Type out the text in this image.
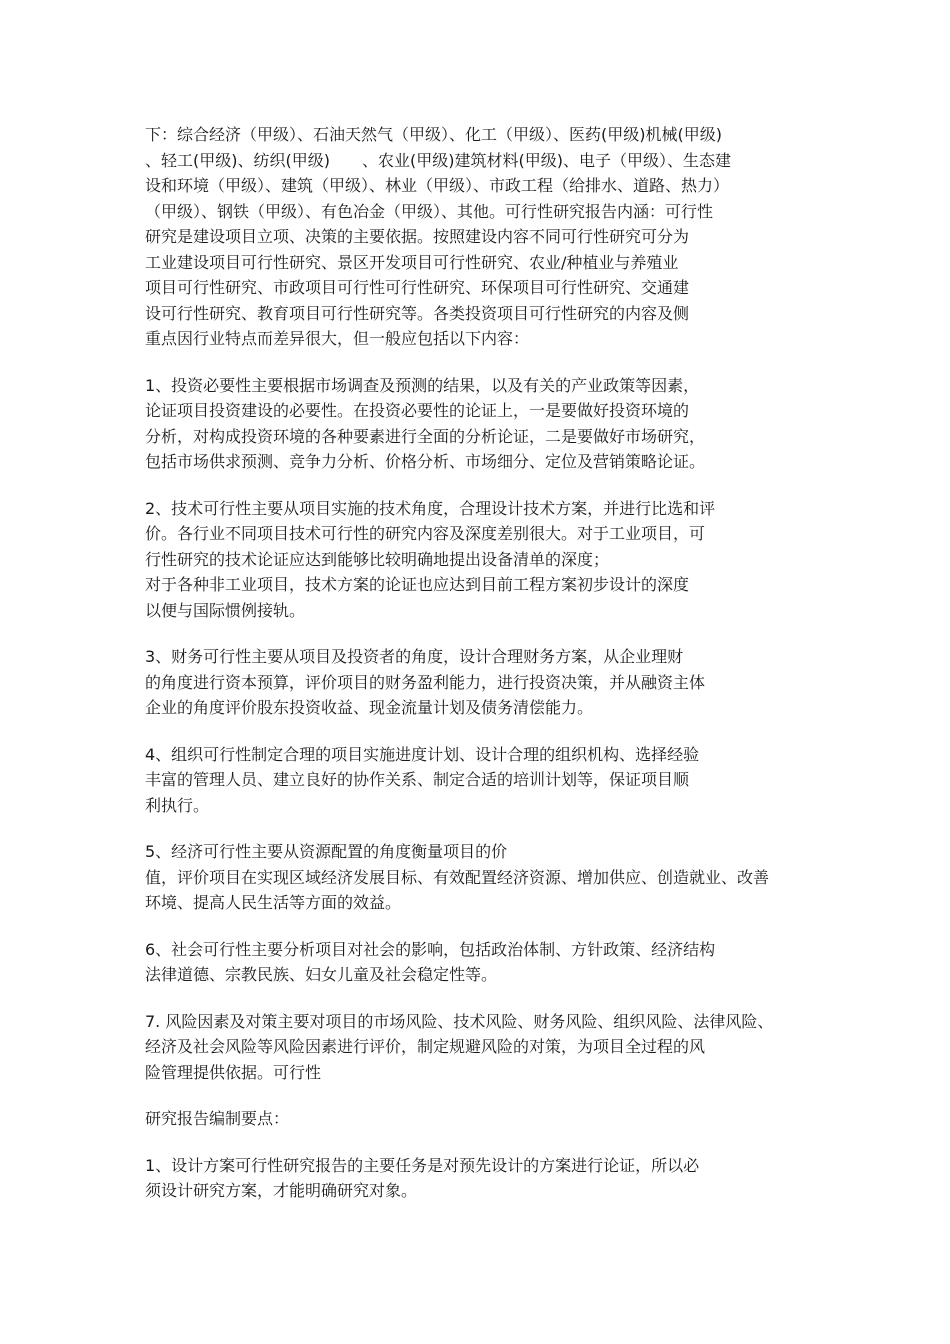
下：综合经济（甲级）、石油天然气（甲级）、化工（甲级）、医药(甲级)机械(甲级)
、轻工(甲级)、纺织(甲级)　　、农业(甲级)建筑材料(甲级)、电子（甲级）、生态建
设和环境（甲级）、建筑（甲级）、林业（甲级）、市政工程（给排水、道路、热力）
（甲级）、钢铁（甲级）、有色冶金（甲级）、其他。可行性研究报告内涵：可行性
研究是建设项目立项、决策的主要依据。按照建设内容不同可行性研究可分为
工业建设项目可行性研究、景区开发项目可行性研究、农业/种植业与养殖业
项目可行性研究、市政项目可行性可行性研究、环保项目可行性研究、交通建
设可行性研究、教育项目可行性研究等。各类投资项目可行性研究的内容及侧
重点因行业特点而差异很大，但一般应包括以下内容：

1、投资必要性主要根据市场调查及预测的结果，以及有关的产业政策等因素，
论证项目投资建设的必要性。在投资必要性的论证上，一是要做好投资环境的
分析，对构成投资环境的各种要素进行全面的分析论证，二是要做好市场研究，
包括市场供求预测、竞争力分析、价格分析、市场细分、定位及营销策略论证。

2、技术可行性主要从项目实施的技术角度，合理设计技术方案，并进行比选和评
价。各行业不同项目技术可行性的研究内容及深度差别很大。对于工业项目，可
行性研究的技术论证应达到能够比较明确地提出设备清单的深度；
对于各种非工业项目，技术方案的论证也应达到目前工程方案初步设计的深度
以便与国际惯例接轨。

3、财务可行性主要从项目及投资者的角度，设计合理财务方案，从企业理财
的角度进行资本预算，评价项目的财务盈利能力，进行投资决策，并从融资主体
企业的角度评价股东投资收益、现金流量计划及债务清偿能力。

4、组织可行性制定合理的项目实施进度计划、设计合理的组织机构、选择经验
丰富的管理人员、建立良好的协作关系、制定合适的培训计划等，保证项目顺
利执行。

5、经济可行性主要从资源配置的角度衡量项目的价
值，评价项目在实现区域经济发展目标、有效配置经济资源、增加供应、创造就业、改善
环境、提高人民生活等方面的效益。

6、社会可行性主要分析项目对社会的影响，包括政治体制、方针政策、经济结构
法律道德、宗教民族、妇女儿童及社会稳定性等。

7. 风险因素及对策主要对项目的市场风险、技术风险、财务风险、组织风险、法律风险、
经济及社会风险等风险因素进行评价，制定规避风险的对策，为项目全过程的风
险管理提供依据。可行性

研究报告编制要点：

1、设计方案可行性研究报告的主要任务是对预先设计的方案进行论证，所以必
须设计研究方案，才能明确研究对象。
